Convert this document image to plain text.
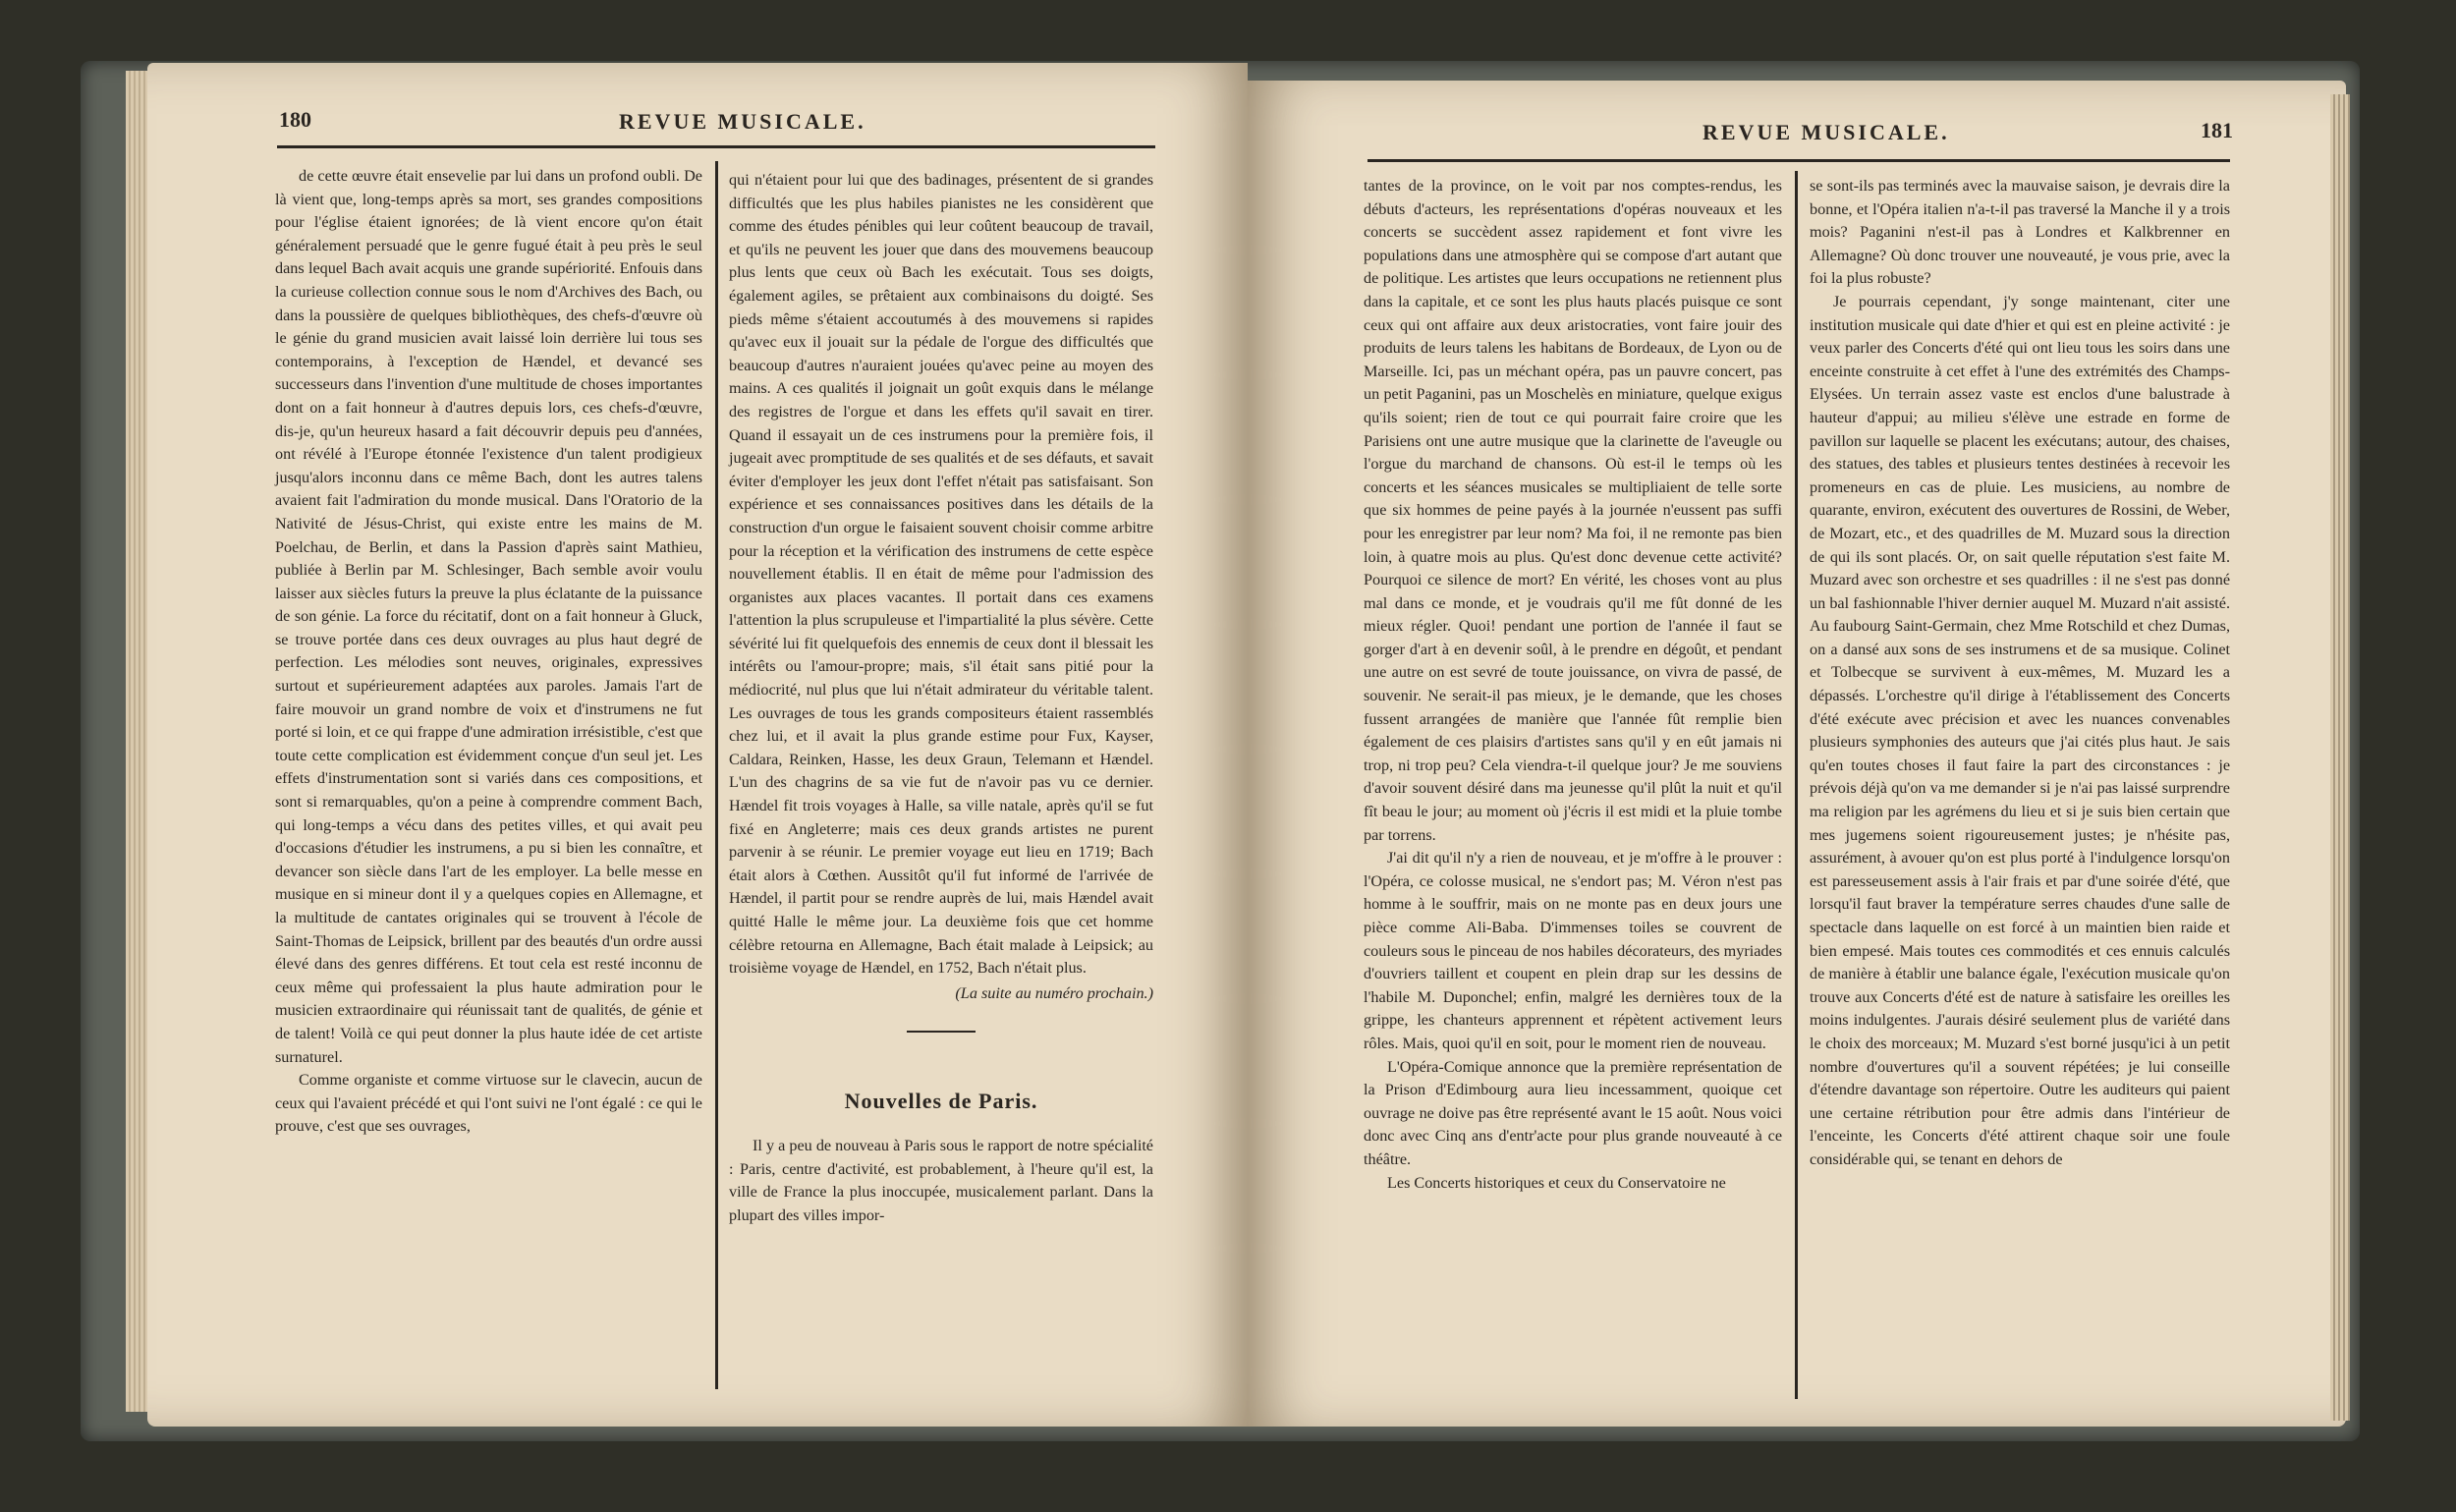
180	REVUE MUSICALE.

de cette œuvre était ensevelie par lui dans un profond oubli. De là vient que, long-temps après sa mort, ses grandes compositions pour l'église étaient ignorées; de là vient encore qu'on était généralement persuadé que le genre fugué était à peu près le seul dans lequel Bach avait acquis une grande supériorité. Enfouis dans la curieuse collection connue sous le nom d'Archives des Bach, ou dans la poussière de quelques bibliothèques, des chefs-d'œuvre où le génie du grand musicien avait laissé loin derrière lui tous ses contemporains, à l'exception de Hændel, et devancé ses successeurs dans l'invention d'une multitude de choses importantes dont on a fait honneur à d'autres depuis lors, ces chefs-d'œuvre, dis-je, qu'un heureux hasard a fait découvrir depuis peu d'années, ont révélé à l'Europe étonnée l'existence d'un talent prodigieux jusqu'alors inconnu dans ce même Bach, dont les autres talens avaient fait l'admiration du monde musical. Dans l'Oratorio de la Nativité de Jésus-Christ, qui existe entre les mains de M. Poelchau, de Berlin, et dans la Passion d'après saint Mathieu, publiée à Berlin par M. Schlesinger, Bach semble avoir voulu laisser aux siècles futurs la preuve la plus éclatante de la puissance de son génie. La force du récitatif, dont on a fait honneur à Gluck, se trouve portée dans ces deux ouvrages au plus haut degré de perfection. Les mélodies sont neuves, originales, expressives surtout et supérieurement adaptées aux paroles. Jamais l'art de faire mouvoir un grand nombre de voix et d'instrumens ne fut porté si loin, et ce qui frappe d'une admiration irrésistible, c'est que toute cette complication est évidemment conçue d'un seul jet. Les effets d'instrumentation sont si variés dans ces compositions, et sont si remarquables, qu'on a peine à comprendre comment Bach, qui long-temps a vécu dans des petites villes, et qui avait peu d'occasions d'étudier les instrumens, a pu si bien les connaître, et devancer son siècle dans l'art de les employer. La belle messe en musique en si mineur dont il y a quelques copies en Allemagne, et la multitude de cantates originales qui se trouvent à l'école de Saint-Thomas de Leipsick, brillent par des beautés d'un ordre aussi élevé dans des genres différens. Et tout cela est resté inconnu de ceux même qui professaient la plus haute admiration pour le musicien extraordinaire qui réunissait tant de qualités, de génie et de talent! Voilà ce qui peut donner la plus haute idée de cet artiste surnaturel.

Comme organiste et comme virtuose sur le clavecin, aucun de ceux qui l'avaient précédé et qui l'ont suivi ne l'ont égalé : ce qui le prouve, c'est que ses ouvrages,

qui n'étaient pour lui que des badinages, présentent de si grandes difficultés que les plus habiles pianistes ne les considèrent que comme des études pénibles qui leur coûtent beaucoup de travail, et qu'ils ne peuvent les jouer que dans des mouvemens beaucoup plus lents que ceux où Bach les exécutait. Tous ses doigts, également agiles, se prêtaient aux combinaisons du doigté. Ses pieds même s'étaient accoutumés à des mouvemens si rapides qu'avec eux il jouait sur la pédale de l'orgue des difficultés que beaucoup d'autres n'auraient jouées qu'avec peine au moyen des mains. A ces qualités il joignait un goût exquis dans le mélange des registres de l'orgue et dans les effets qu'il savait en tirer. Quand il essayait un de ces instrumens pour la première fois, il jugeait avec promptitude de ses qualités et de ses défauts, et savait éviter d'employer les jeux dont l'effet n'était pas satisfaisant. Son expérience et ses connaissances positives dans les détails de la construction d'un orgue le faisaient souvent choisir comme arbitre pour la réception et la vérification des instrumens de cette espèce nouvellement établis. Il en était de même pour l'admission des organistes aux places vacantes. Il portait dans ces examens l'attention la plus scrupuleuse et l'impartialité la plus sévère. Cette sévérité lui fit quelquefois des ennemis de ceux dont il blessait les intérêts ou l'amour-propre; mais, s'il était sans pitié pour la médiocrité, nul plus que lui n'était admirateur du véritable talent. Les ouvrages de tous les grands compositeurs étaient rassemblés chez lui, et il avait la plus grande estime pour Fux, Kayser, Caldara, Reinken, Hasse, les deux Graun, Telemann et Hændel. L'un des chagrins de sa vie fut de n'avoir pas vu ce dernier. Hændel fit trois voyages à Halle, sa ville natale, après qu'il se fut fixé en Angleterre; mais ces deux grands artistes ne purent parvenir à se réunir. Le premier voyage eut lieu en 1719; Bach était alors à Cœthen. Aussitôt qu'il fut informé de l'arrivée de Hændel, il partit pour se rendre auprès de lui, mais Hændel avait quitté Halle le même jour. La deuxième fois que cet homme célèbre retourna en Allemagne, Bach était malade à Leipsick; au troisième voyage de Hændel, en 1752, Bach n'était plus.

(La suite au numéro prochain.)

Nouvelles de Paris.

Il y a peu de nouveau à Paris sous le rapport de notre spécialité : Paris, centre d'activité, est probablement, à l'heure qu'il est, la ville de France la plus inoccupée, musicalement parlant. Dans la plupart des villes impor-

REVUE MUSICALE.	181

tantes de la province, on le voit par nos comptes-rendus, les débuts d'acteurs, les représentations d'opéras nouveaux et les concerts se succèdent assez rapidement et font vivre les populations dans une atmosphère qui se compose d'art autant que de politique. Les artistes que leurs occupations ne retiennent plus dans la capitale, et ce sont les plus hauts placés puisque ce sont ceux qui ont affaire aux deux aristocraties, vont faire jouir des produits de leurs talens les habitans de Bordeaux, de Lyon ou de Marseille. Ici, pas un méchant opéra, pas un pauvre concert, pas un petit Paganini, pas un Moschelès en miniature, quelque exigus qu'ils soient; rien de tout ce qui pourrait faire croire que les Parisiens ont une autre musique que la clarinette de l'aveugle ou l'orgue du marchand de chansons. Où est-il le temps où les concerts et les séances musicales se multipliaient de telle sorte que six hommes de peine payés à la journée n'eussent pas suffi pour les enregistrer par leur nom? Ma foi, il ne remonte pas bien loin, à quatre mois au plus. Qu'est donc devenue cette activité? Pourquoi ce silence de mort? En vérité, les choses vont au plus mal dans ce monde, et je voudrais qu'il me fût donné de les mieux régler. Quoi! pendant une portion de l'année il faut se gorger d'art à en devenir soûl, à le prendre en dégoût, et pendant une autre on est sevré de toute jouissance, on vivra de passé, de souvenir. Ne serait-il pas mieux, je le demande, que les choses fussent arrangées de manière que l'année fût remplie bien également de ces plaisirs d'artistes sans qu'il y en eût jamais ni trop, ni trop peu? Cela viendra-t-il quelque jour? Je me souviens d'avoir souvent désiré dans ma jeunesse qu'il plût la nuit et qu'il fît beau le jour; au moment où j'écris il est midi et la pluie tombe par torrens.

J'ai dit qu'il n'y a rien de nouveau, et je m'offre à le prouver : l'Opéra, ce colosse musical, ne s'endort pas; M. Véron n'est pas homme à le souffrir, mais on ne monte pas en deux jours une pièce comme Ali-Baba. D'immenses toiles se couvrent de couleurs sous le pinceau de nos habiles décorateurs, des myriades d'ouvriers taillent et coupent en plein drap sur les dessins de l'habile M. Duponchel; enfin, malgré les dernières toux de la grippe, les chanteurs apprennent et répètent activement leurs rôles. Mais, quoi qu'il en soit, pour le moment rien de nouveau.

L'Opéra-Comique annonce que la première représentation de la Prison d'Edimbourg aura lieu incessamment, quoique cet ouvrage ne doive pas être représenté avant le 15 août. Nous voici donc avec Cinq ans d'entr'acte pour plus grande nouveauté à ce théâtre.

Les Concerts historiques et ceux du Conservatoire ne

se sont-ils pas terminés avec la mauvaise saison, je devrais dire la bonne, et l'Opéra italien n'a-t-il pas traversé la Manche il y a trois mois? Paganini n'est-il pas à Londres et Kalkbrenner en Allemagne? Où donc trouver une nouveauté, je vous prie, avec la foi la plus robuste?

Je pourrais cependant, j'y songe maintenant, citer une institution musicale qui date d'hier et qui est en pleine activité : je veux parler des Concerts d'été qui ont lieu tous les soirs dans une enceinte construite à cet effet à l'une des extrémités des Champs-Elysées. Un terrain assez vaste est enclos d'une balustrade à hauteur d'appui; au milieu s'élève une estrade en forme de pavillon sur laquelle se placent les exécutans; autour, des chaises, des statues, des tables et plusieurs tentes destinées à recevoir les promeneurs en cas de pluie. Les musiciens, au nombre de quarante, environ, exécutent des ouvertures de Rossini, de Weber, de Mozart, etc., et des quadrilles de M. Muzard sous la direction de qui ils sont placés. Or, on sait quelle réputation s'est faite M. Muzard avec son orchestre et ses quadrilles : il ne s'est pas donné un bal fashionnable l'hiver dernier auquel M. Muzard n'ait assisté. Au faubourg Saint-Germain, chez Mme Rotschild et chez Dumas, on a dansé aux sons de ses instrumens et de sa musique. Colinet et Tolbecque se survivent à eux-mêmes, M. Muzard les a dépassés. L'orchestre qu'il dirige à l'établissement des Concerts d'été exécute avec précision et avec les nuances convenables plusieurs symphonies des auteurs que j'ai cités plus haut. Je sais qu'en toutes choses il faut faire la part des circonstances : je prévois déjà qu'on va me demander si je n'ai pas laissé surprendre ma religion par les agrémens du lieu et si je suis bien certain que mes jugemens soient rigoureusement justes; je n'hésite pas, assurément, à avouer qu'on est plus porté à l'indulgence lorsqu'on est paresseusement assis à l'air frais et par d'une soirée d'été, que lorsqu'il faut braver la température serres chaudes d'une salle de spectacle dans laquelle on est forcé à un maintien bien raide et bien empesé. Mais toutes ces commodités et ces ennuis calculés de manière à établir une balance égale, l'exécution musicale qu'on trouve aux Concerts d'été est de nature à satisfaire les oreilles les moins indulgentes. J'aurais désiré seulement plus de variété dans le choix des morceaux; M. Muzard s'est borné jusqu'ici à un petit nombre d'ouvertures qu'il a souvent répétées; je lui conseille d'étendre davantage son répertoire. Outre les auditeurs qui paient une certaine rétribution pour être admis dans l'intérieur de l'enceinte, les Concerts d'été attirent chaque soir une foule considérable qui, se tenant en dehors de
